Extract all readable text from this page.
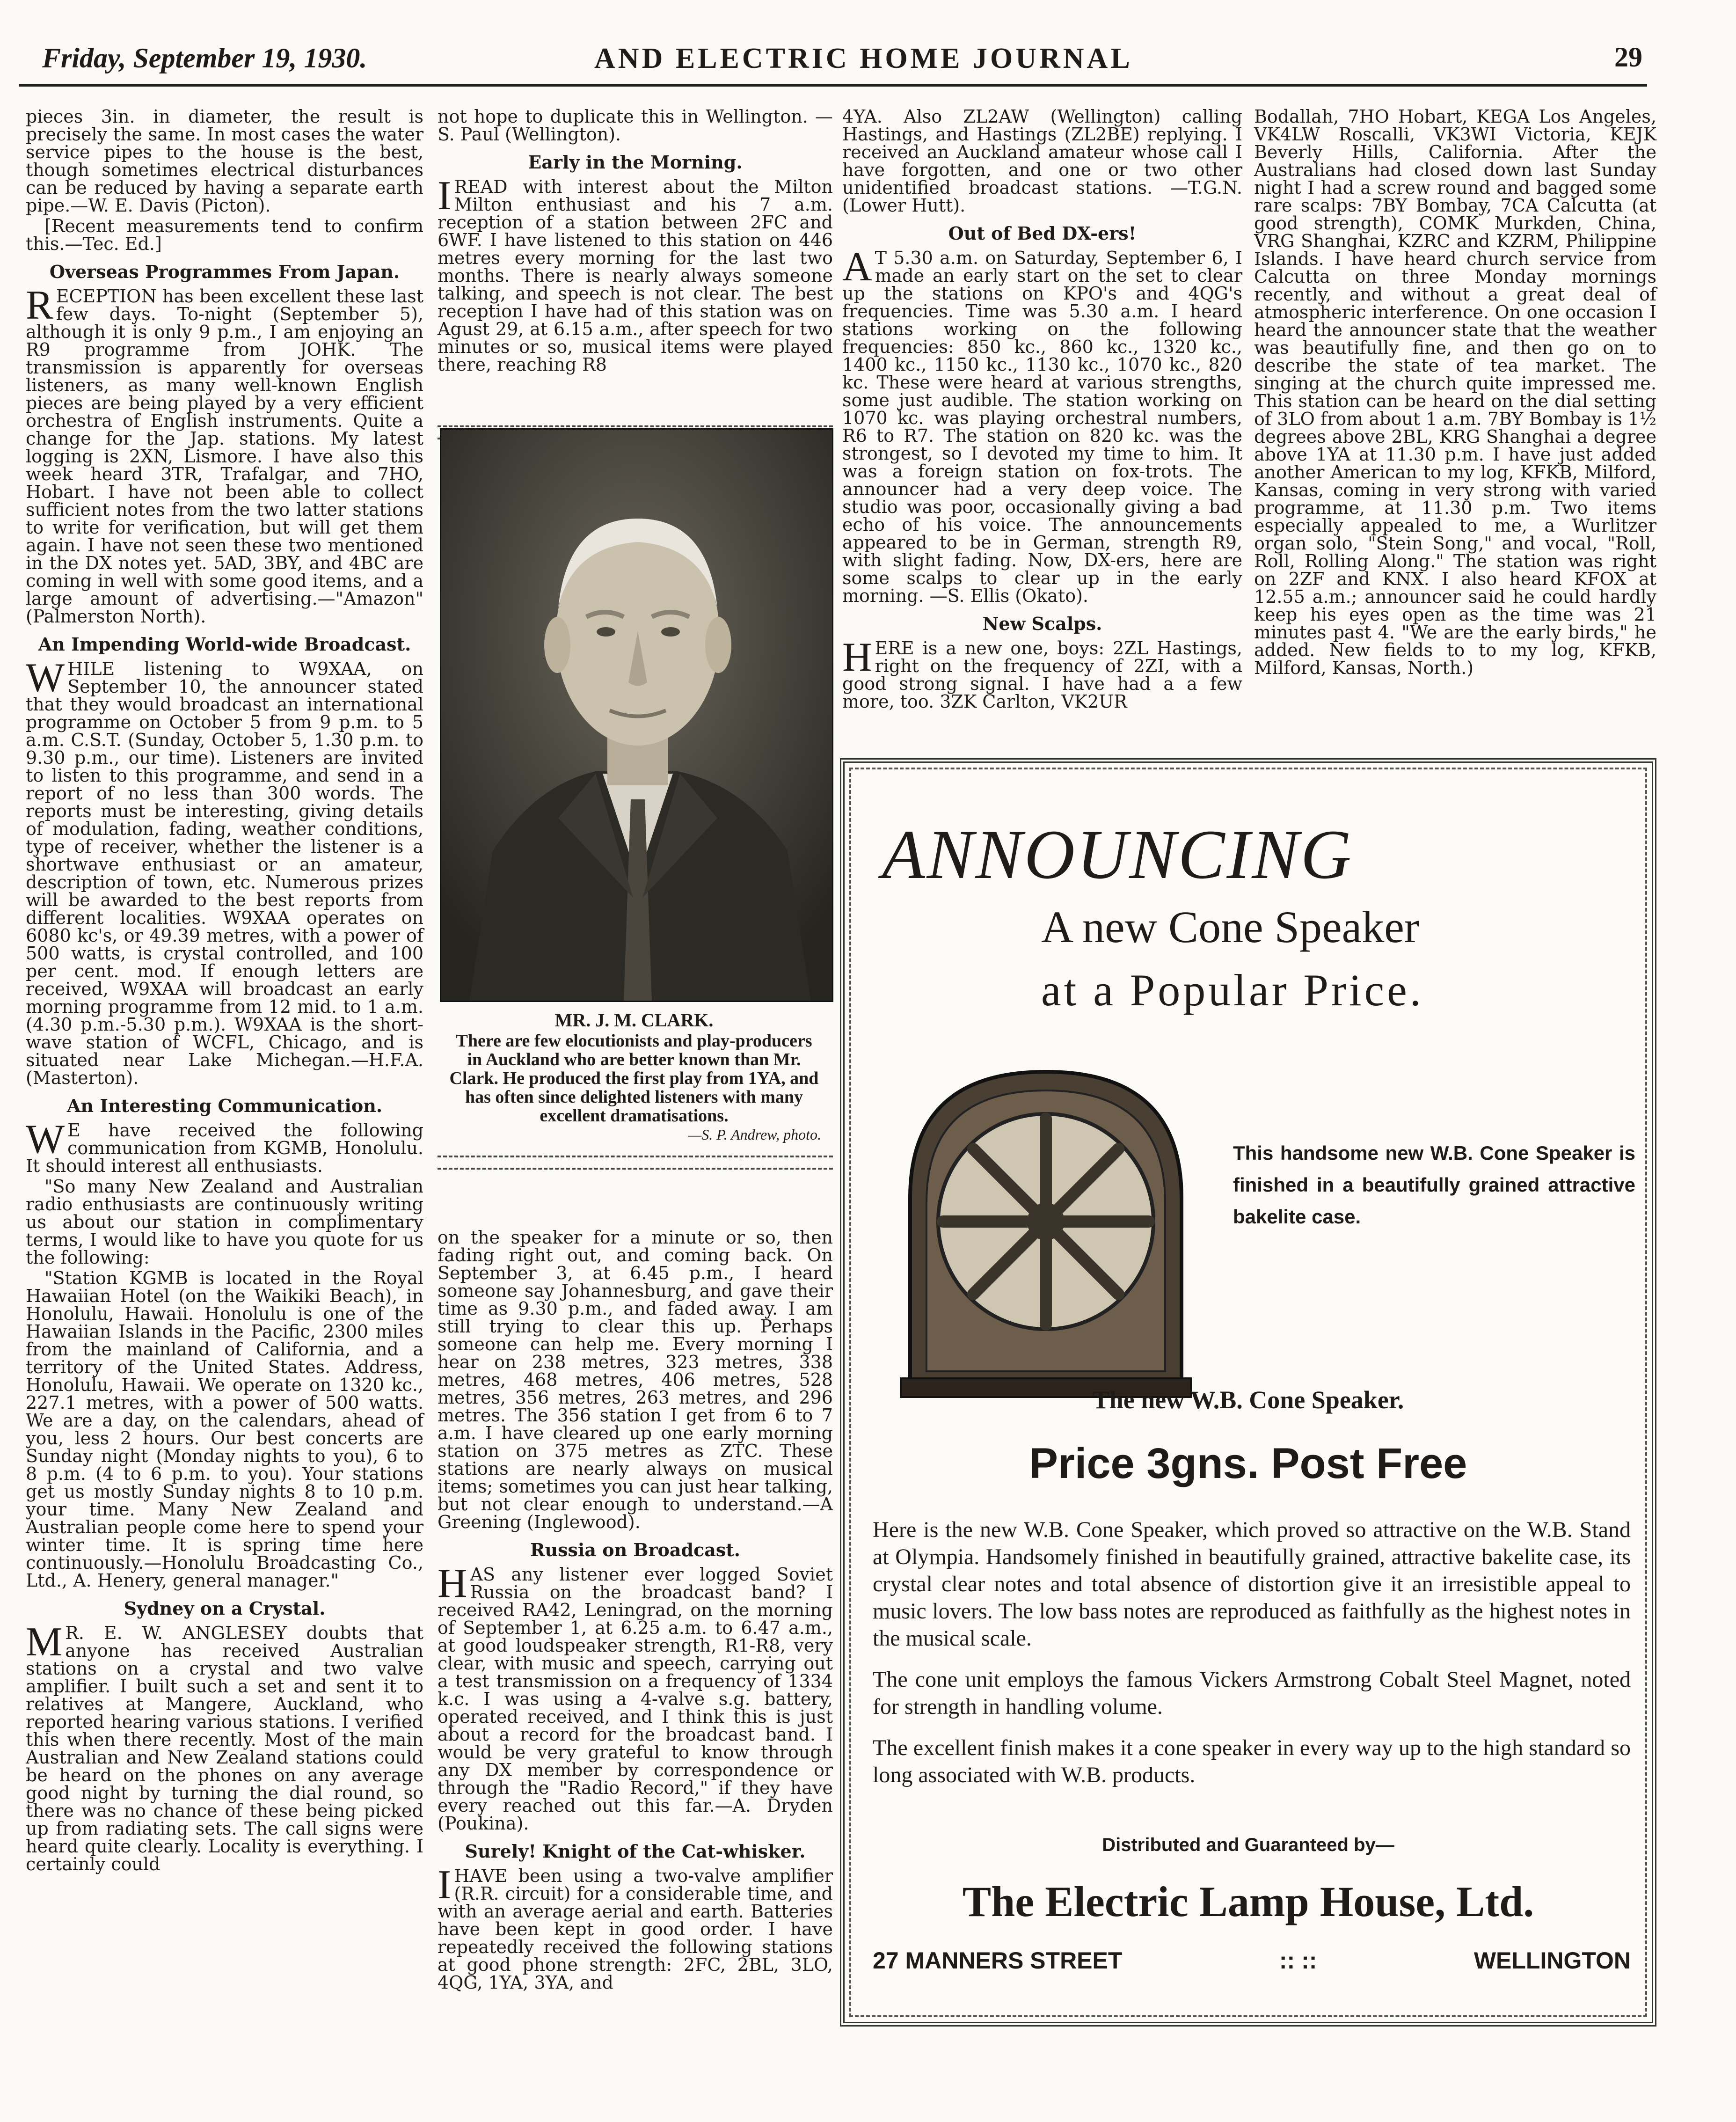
Friday, September 19, 1930.	AND ELECTRIC HOME JOURNAL	29

pieces 3in. in diameter, the result is precisely the same. In most cases the water service pipes to the house is the best, though sometimes electrical disturbances can be reduced by having a separate earth pipe.—W. E. Davis (Picton).

[Recent measurements tend to confirm this.—Tec. Ed.]

Overseas Programmes From Japan.

RECEPTION has been excellent these last few days. To-night (September 5), although it is only 9 p.m., I am enjoying an R9 programme from JOHK. The transmission is apparently for overseas listeners, as many well-known English pieces are being played by a very efficient orchestra of English instruments. Quite a change for the Jap. stations. My latest logging is 2XN, Lismore. I have also this week heard 3TR, Trafalgar, and 7HO, Hobart. I have not been able to collect sufficient notes from the two latter stations to write for verification, but will get them again. I have not seen these two mentioned in the DX notes yet. 5AD, 3BY, and 4BC are coming in well with some good items, and a large amount of advertising.—"Amazon" (Palmerston North).

An Impending World-wide Broadcast.

WHILE listening to W9XAA, on September 10, the announcer stated that they would broadcast an international programme on October 5 from 9 p.m. to 5 a.m. C.S.T. (Sunday, October 5, 1.30 p.m. to 9.30 p.m., our time). Listeners are invited to listen to this programme, and send in a report of no less than 300 words. The reports must be interesting, giving details of modulation, fading, weather conditions, type of receiver, whether the listener is a shortwave enthusiast or an amateur, description of town, etc. Numerous prizes will be awarded to the best reports from different localities. W9XAA operates on 6080 kc's, or 49.39 metres, with a power of 500 watts, is crystal controlled, and 100 per cent. mod. If enough letters are received, W9XAA will broadcast an early morning programme from 12 mid. to 1 a.m. (4.30 p.m.-5.30 p.m.). W9XAA is the short-wave station of WCFL, Chicago, and is situated near Lake Michegan.—H.F.A. (Masterton).

An Interesting Communication.

W E have received the following communication from KGMB, Honolulu. It should interest all enthusiasts.

"So many New Zealand and Australian radio enthusiasts are continuously writing us about our station in complimentary terms, I would like to have you quote for us the following:

"Station KGMB is located in the Royal Hawaiian Hotel (on the Waikiki Beach), in Honolulu, Hawaii. Honolulu is one of the Hawaiian Islands in the Pacific, 2300 miles from the mainland of California, and a territory of the United States. Address, Honolulu, Hawaii. We operate on 1320 kc., 227.1 metres, with a power of 500 watts. We are a day, on the calendars, ahead of you, less 2 hours. Our best concerts are Sunday night (Monday nights to you), 6 to 8 p.m. (4 to 6 p.m. to you). Your stations get us mostly Sunday nights 8 to 10 p.m. your time. Many New Zealand and Australian people come here to spend your winter time. It is spring time here continuously.—Honolulu Broadcasting Co., Ltd., A. Henery, general manager."

Sydney on a Crystal.

M R. E. W. ANGLESEY doubts that anyone has received Australian stations on a crystal and two valve amplifier. I built such a set and sent it to relatives at Mangere, Auckland, who reported hearing various stations. I verified this when there recently. Most of the main Australian and New Zealand stations could be heard on the phones on any average good night by turning the dial round, so there was no chance of these being picked up from radiating sets. The call signs were heard quite clearly. Locality is everything. I certainly could

not hope to duplicate this in Wellington. —S. Paul (Wellington).

Early in the Morning.

IREAD with interest about the Milton Milton enthusiast and his 7 a.m. reception of a station between 2FC and 6WF. I have listened to this station on 446 metres every morning for the last two months. There is nearly always someone talking, and speech is not clear. The best reception I have had of this station was on Agust 29, at 6.15 a.m., after speech for two minutes or so, musical items were played there, reaching R8

MR. J. M. CLARK.
There are few elocutionists and play-producers in Auckland who are better known than Mr. Clark. He produced the first play from 1YA, and has often since delighted listeners with many excellent dramatisations.
—S. P. Andrew, photo.

on the speaker for a minute or so, then fading right out, and coming back. On September 3, at 6.45 p.m., I heard someone say Johannesburg, and gave their time as 9.30 p.m., and faded away. I am still trying to clear this up. Perhaps someone can help me. Every morning I hear on 238 metres, 323 metres, 338 metres, 468 metres, 406 metres, 528 metres, 356 metres, 263 metres, and 296 metres. The 356 station I get from 6 to 7 a.m. I have cleared up one early morning station on 375 metres as ZTC. These stations are nearly always on musical items; sometimes you can just hear talking, but not clear enough to understand.—A Greening (Inglewood).

Russia on Broadcast.

HAS any listener ever logged Soviet Russia on the broadcast band? I received RA42, Leningrad, on the morning of September 1, at 6.25 a.m. to 6.47 a.m., at good loudspeaker strength, R1-R8, very clear, with music and speech, carrying out a test transmission on a frequency of 1334 k.c. I was using a 4-valve s.g. battery, operated received, and I think this is just about a record for the broadcast band. I would be very grateful to know through any DX member by correspondence or through the "Radio Record," if they have every reached out this far.—A. Dryden (Poukina).

Surely! Knight of the Cat-whisker.

IHAVE been using a two-valve amplifier (R.R. circuit) for a considerable time, and with an average aerial and earth. Batteries have been kept in good order. I have repeatedly received the following stations at good phone strength: 2FC, 2BL, 3LO, 4QG, 1YA, 3YA, and

4YA. Also ZL2AW (Wellington) calling Hastings, and Hastings (ZL2BE) replying. I received an Auckland amateur whose call I have forgotten, and one or two other unidentified broadcast stations. —T.G.N. (Lower Hutt).

Out of Bed DX-ers!

A T 5.30 a.m. on Saturday, September 6, I made an early start on the set to clear up the stations on KPO's and 4QG's frequencies. Time was 5.30 a.m. I heard stations working on the following frequencies: 850 kc., 860 kc., 1320 kc., 1400 kc., 1150 kc., 1130 kc., 1070 kc., 820 kc. These were heard at various strengths, some just audible. The station working on 1070 kc. was playing orchestral numbers, R6 to R7. The station on 820 kc. was the strongest, so I devoted my time to him. It was a foreign station on fox-trots. The announcer had a very deep voice. The studio was poor, occasionally giving a bad echo of his voice. The announcements appeared to be in German, strength R9, with slight fading. Now, DX-ers, here are some scalps to clear up in the early morning. —S. Ellis (Okato).

New Scalps.

HERE is a new one, boys: 2ZL Hastings, right on the frequency of 2ZI, with a good strong signal. I have had a a few more, too. 3ZK Carlton, VK2UR

Bodallah, 7HO Hobart, KEGA Los Angeles, VK4LW Roscalli, VK3WI Victoria, KEJK Beverly Hills, California. After the Australians had closed down last Sunday night I had a screw round and bagged some rare scalps: 7BY Bombay, 7CA Calcutta (at good strength), COMK Murkden, China, VRG Shanghai, KZRC and KZRM, Philippine Islands. I have heard church service from Calcutta on three Monday mornings recently, and without a great deal of atmospheric interference. On one occasion I heard the announcer state that the weather was beautifully fine, and then go on to describe the state of tea market. The singing at the church quite impressed me. This station can be heard on the dial setting of 3LO from about 1 a.m. 7BY Bombay is 1½ degrees above 2BL, KRG Shanghai a degree above 1YA at 11.30 p.m. I have just added another American to my log, KFKB, Milford, Kansas, coming in very strong with varied programme, at 11.30 p.m. Two items especially appealed to me, a Wurlitzer organ solo, "Stein Song," and vocal, "Roll, Roll, Rolling Along." The station was right on 2ZF and KNX. I also heard KFOX at 12.55 a.m.; announcer said he could hardly keep his eyes open as the time was 21 minutes past 4. "We are the early birds," he added. New fields to to my log, KFKB, Milford, Kansas, North.)

ANNOUNCING
A new Cone Speaker
at a Popular Price.
This handsome new W.B. Cone Speaker is finished in a beautifully grained attractive bakelite case.
The new W.B. Cone Speaker.
Price 3gns. Post Free

Here is the new W.B. Cone Speaker, which proved so attractive on the W.B. Stand at Olympia. Handsomely finished in beautifully grained, attractive bakelite case, its crystal clear notes and total absence of distortion give it an irresistible appeal to music lovers. The low bass notes are reproduced as faithfully as the highest notes in the musical scale.

The cone unit employs the famous Vickers Armstrong Cobalt Steel Magnet, noted for strength in handling volume.

The excellent finish makes it a cone speaker in every way up to the high standard so long associated with W.B. products.

Distributed and Guaranteed by—
The Electric Lamp House, Ltd.
27 MANNERS STREET	:: ::	WELLINGTON
